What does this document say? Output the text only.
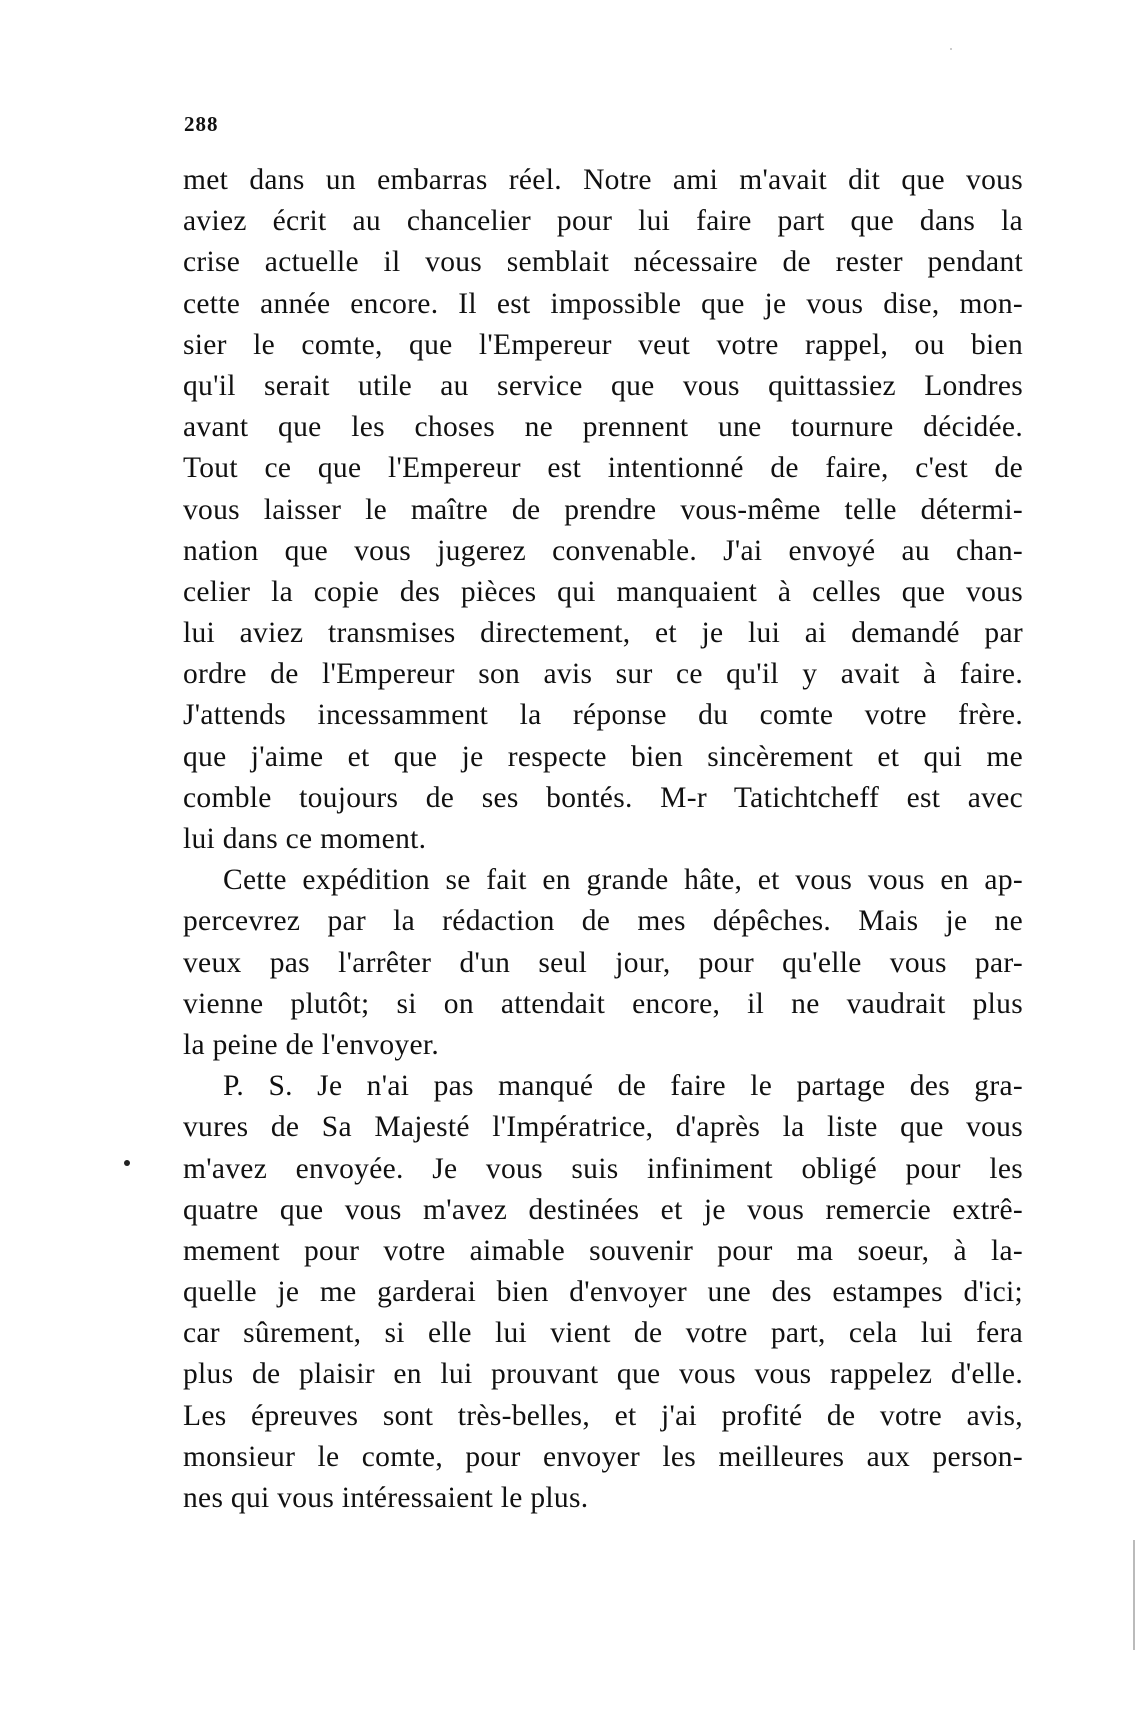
288
met dans un embarras réel. Notre ami m'avait dit que vous
aviez écrit au chancelier pour lui faire part que dans la
crise actuelle il vous semblait nécessaire de rester pendant
cette année encore. Il est impossible que je vous dise, mon-
sier le comte, que l'Empereur veut votre rappel, ou bien
qu'il serait utile au service que vous quittassiez Londres
avant que les choses ne prennent une tournure décidée.
Tout ce que l'Empereur est intentionné de faire, c'est de
vous laisser le maître de prendre vous-même telle détermi-
nation que vous jugerez convenable. J'ai envoyé au chan-
celier la copie des pièces qui manquaient à celles que vous
lui aviez transmises directement, et je lui ai demandé par
ordre de l'Empereur son avis sur ce qu'il y avait à faire.
J'attends incessamment la réponse du comte votre frère.
que j'aime et que je respecte bien sincèrement et qui me
comble toujours de ses bontés. M-r Tatichtcheff est avec
lui dans ce moment.
Cette expédition se fait en grande hâte, et vous vous en ap-
percevrez par la rédaction de mes dépêches. Mais je ne
veux pas l'arrêter d'un seul jour, pour qu'elle vous par-
vienne plutôt; si on attendait encore, il ne vaudrait plus
la peine de l'envoyer.
P. S. Je n'ai pas manqué de faire le partage des gra-
vures de Sa Majesté l'Impératrice, d'après la liste que vous
m'avez envoyée. Je vous suis infiniment obligé pour les
quatre que vous m'avez destinées et je vous remercie extrê-
mement pour votre aimable souvenir pour ma soeur, à la-
quelle je me garderai bien d'envoyer une des estampes d'ici;
car sûrement, si elle lui vient de votre part, cela lui fera
plus de plaisir en lui prouvant que vous vous rappelez d'elle.
Les épreuves sont très-belles, et j'ai profité de votre avis,
monsieur le comte, pour envoyer les meilleures aux person-
nes qui vous intéressaient le plus.
